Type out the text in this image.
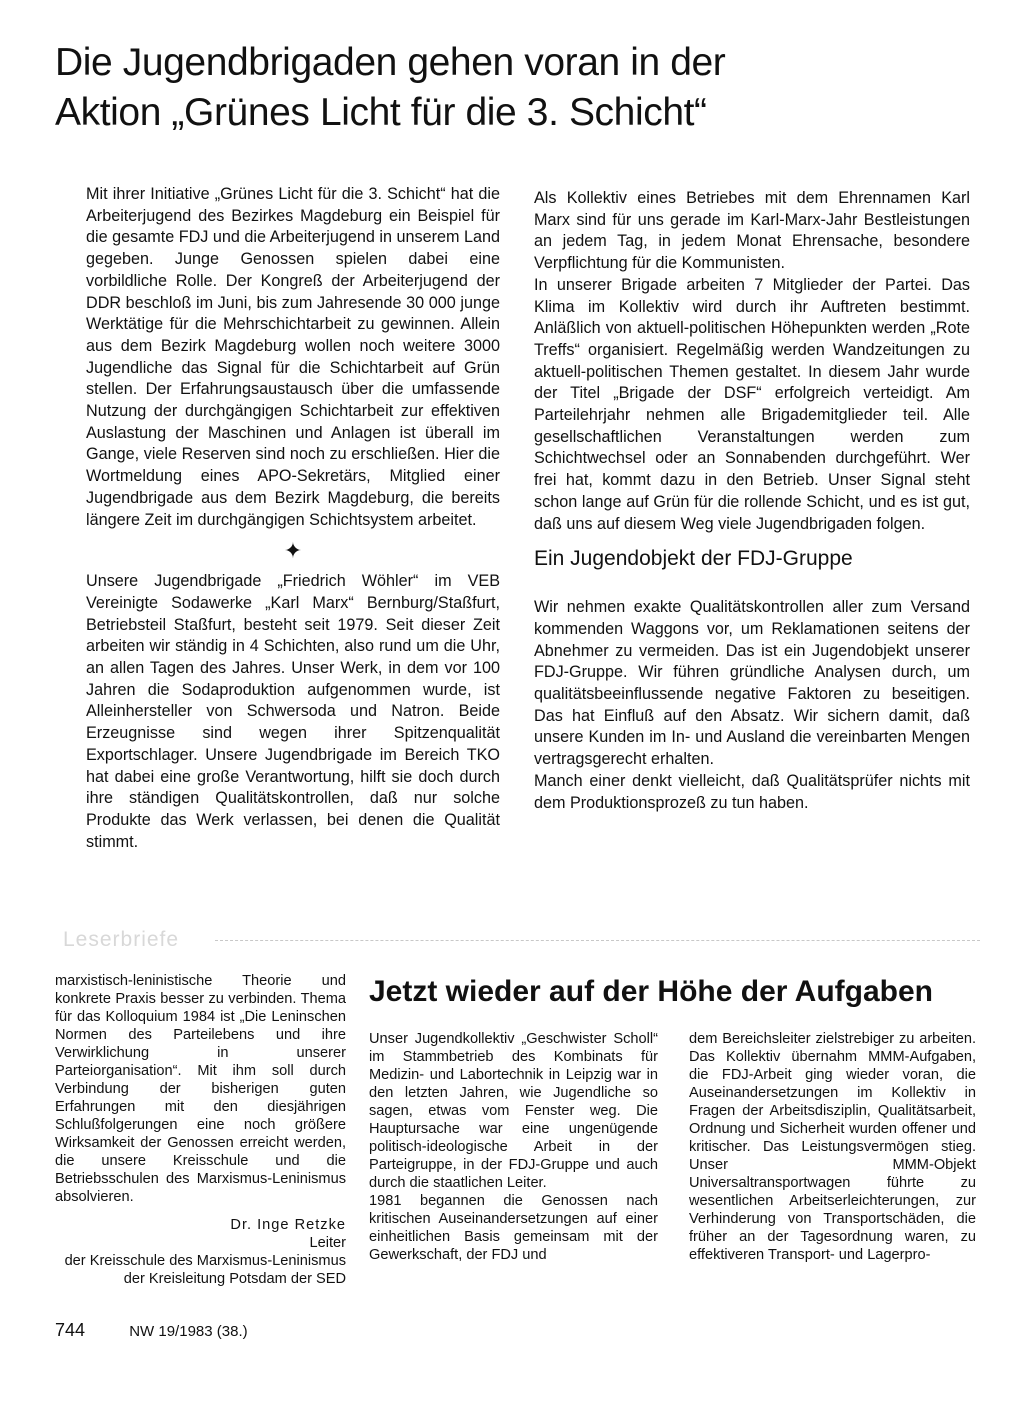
Die Jugendbrigaden gehen voran in der
Aktion „Grünes Licht für die 3. Schicht“

Mit ihrer Initiative „Grünes Licht für die 3. Schicht“ hat die Arbeiterjugend des Bezirkes Magdeburg ein Beispiel für die gesamte FDJ und die Arbeiterjugend in unserem Land gegeben. Junge Genossen spielen dabei eine vorbildliche Rolle. Der Kongreß der Arbeiterjugend der DDR beschloß im Juni, bis zum Jahresende 30 000 junge Werktätige für die Mehrschichtarbeit zu gewinnen. Allein aus dem Bezirk Magdeburg wollen noch weitere 3000 Jugendliche das Signal für die Schichtarbeit auf Grün stellen. Der Erfahrungsaustausch über die umfassende Nutzung der durchgängigen Schichtarbeit zur effektiven Auslastung der Maschinen und Anlagen ist überall im Gange, viele Reserven sind noch zu erschließen. Hier die Wortmeldung eines APO-Sekretärs, Mitglied einer Jugendbrigade aus dem Bezirk Magdeburg, die bereits längere Zeit im durchgängigen Schichtsystem arbeitet.

✦

Unsere Jugendbrigade „Friedrich Wöhler“ im VEB Vereinigte Sodawerke „Karl Marx“ Bernburg/Staßfurt, Betriebsteil Staßfurt, besteht seit 1979. Seit dieser Zeit arbeiten wir ständig in 4 Schichten, also rund um die Uhr, an allen Tagen des Jahres. Unser Werk, in dem vor 100 Jahren die Sodaproduktion aufgenommen wurde, ist Alleinhersteller von Schwersoda und Natron. Beide Erzeugnisse sind wegen ihrer Spitzenqualität Exportschlager. Unsere Jugendbrigade im Bereich TKO hat dabei eine große Verantwortung, hilft sie doch durch ihre ständigen Qualitätskontrollen, daß nur solche Produkte das Werk verlassen, bei denen die Qualität stimmt.

Als Kollektiv eines Betriebes mit dem Ehrennamen Karl Marx sind für uns gerade im Karl-Marx-Jahr Bestleistungen an jedem Tag, in jedem Monat Ehrensache, besondere Verpflichtung für die Kommunisten.

In unserer Brigade arbeiten 7 Mitglieder der Partei. Das Klima im Kollektiv wird durch ihr Auftreten bestimmt. Anläßlich von aktuell-politischen Höhepunkten werden „Rote Treffs“ organisiert. Regelmäßig werden Wandzeitungen zu aktuell-politischen Themen gestaltet. In diesem Jahr wurde der Titel „Brigade der DSF“ erfolgreich verteidigt. Am Parteilehrjahr nehmen alle Brigademitglieder teil. Alle gesellschaftlichen Veranstaltungen werden zum Schichtwechsel oder an Sonnabenden durchgeführt. Wer frei hat, kommt dazu in den Betrieb. Unser Signal steht schon lange auf Grün für die rollende Schicht, und es ist gut, daß uns auf diesem Weg viele Jugendbrigaden folgen.

Ein Jugendobjekt der FDJ-Gruppe

Wir nehmen exakte Qualitätskontrollen aller zum Versand kommenden Waggons vor, um Reklamationen seitens der Abnehmer zu vermeiden. Das ist ein Jugendobjekt unserer FDJ-Gruppe. Wir führen gründliche Analysen durch, um qualitätsbeeinflussende negative Faktoren zu beseitigen. Das hat Einfluß auf den Absatz. Wir sichern damit, daß unsere Kunden im In- und Ausland die vereinbarten Mengen vertragsgerecht erhalten.

Manch einer denkt vielleicht, daß Qualitätsprüfer nichts mit dem Produktionsprozeß zu tun haben.

Leserbriefe

marxistisch-leninistische Theorie und konkrete Praxis besser zu verbinden. Thema für das Kolloquium 1984 ist „Die Leninschen Normen des Parteilebens und ihre Verwirklichung in unserer Parteiorganisation“. Mit ihm soll durch Verbindung der bisherigen guten Erfahrungen mit den diesjährigen Schlußfolgerungen eine noch größere Wirksamkeit der Genossen erreicht werden, die unsere Kreisschule und die Betriebsschulen des Marxismus-Leninismus absolvieren.

Dr. Inge Retzke
Leiter
der Kreisschule des Marxismus-Leninismus
der Kreisleitung Potsdam der SED
Jetzt wieder auf der Höhe der Aufgaben

Unser Jugendkollektiv „Geschwister Scholl“ im Stammbetrieb des Kombinats für Medizin- und Labortechnik in Leipzig war in den letzten Jahren, wie Jugendliche so sagen, etwas vom Fenster weg. Die Hauptursache war eine ungenügende politisch-ideologische Arbeit in der Parteigruppe, in der FDJ-Gruppe und auch durch die staatlichen Leiter.

1981 begannen die Genossen nach kritischen Auseinandersetzungen auf einer einheitlichen Basis gemeinsam mit der Gewerkschaft, der FDJ und

dem Bereichsleiter zielstrebiger zu arbeiten. Das Kollektiv übernahm MMM-Aufgaben, die FDJ-Arbeit ging wieder voran, die Auseinandersetzungen im Kollektiv in Fragen der Arbeitsdisziplin, Qualitätsarbeit, Ordnung und Sicherheit wurden offener und kritischer. Das Leistungsvermögen stieg. Unser MMM-Objekt Universaltransportwagen führte zu wesentlichen Arbeitserleichterungen, zur Verhinderung von Transportschäden, die früher an der Tagesordnung waren, zu effektiveren Transport- und Lagerpro-

744	NW 19/1983 (38.)
